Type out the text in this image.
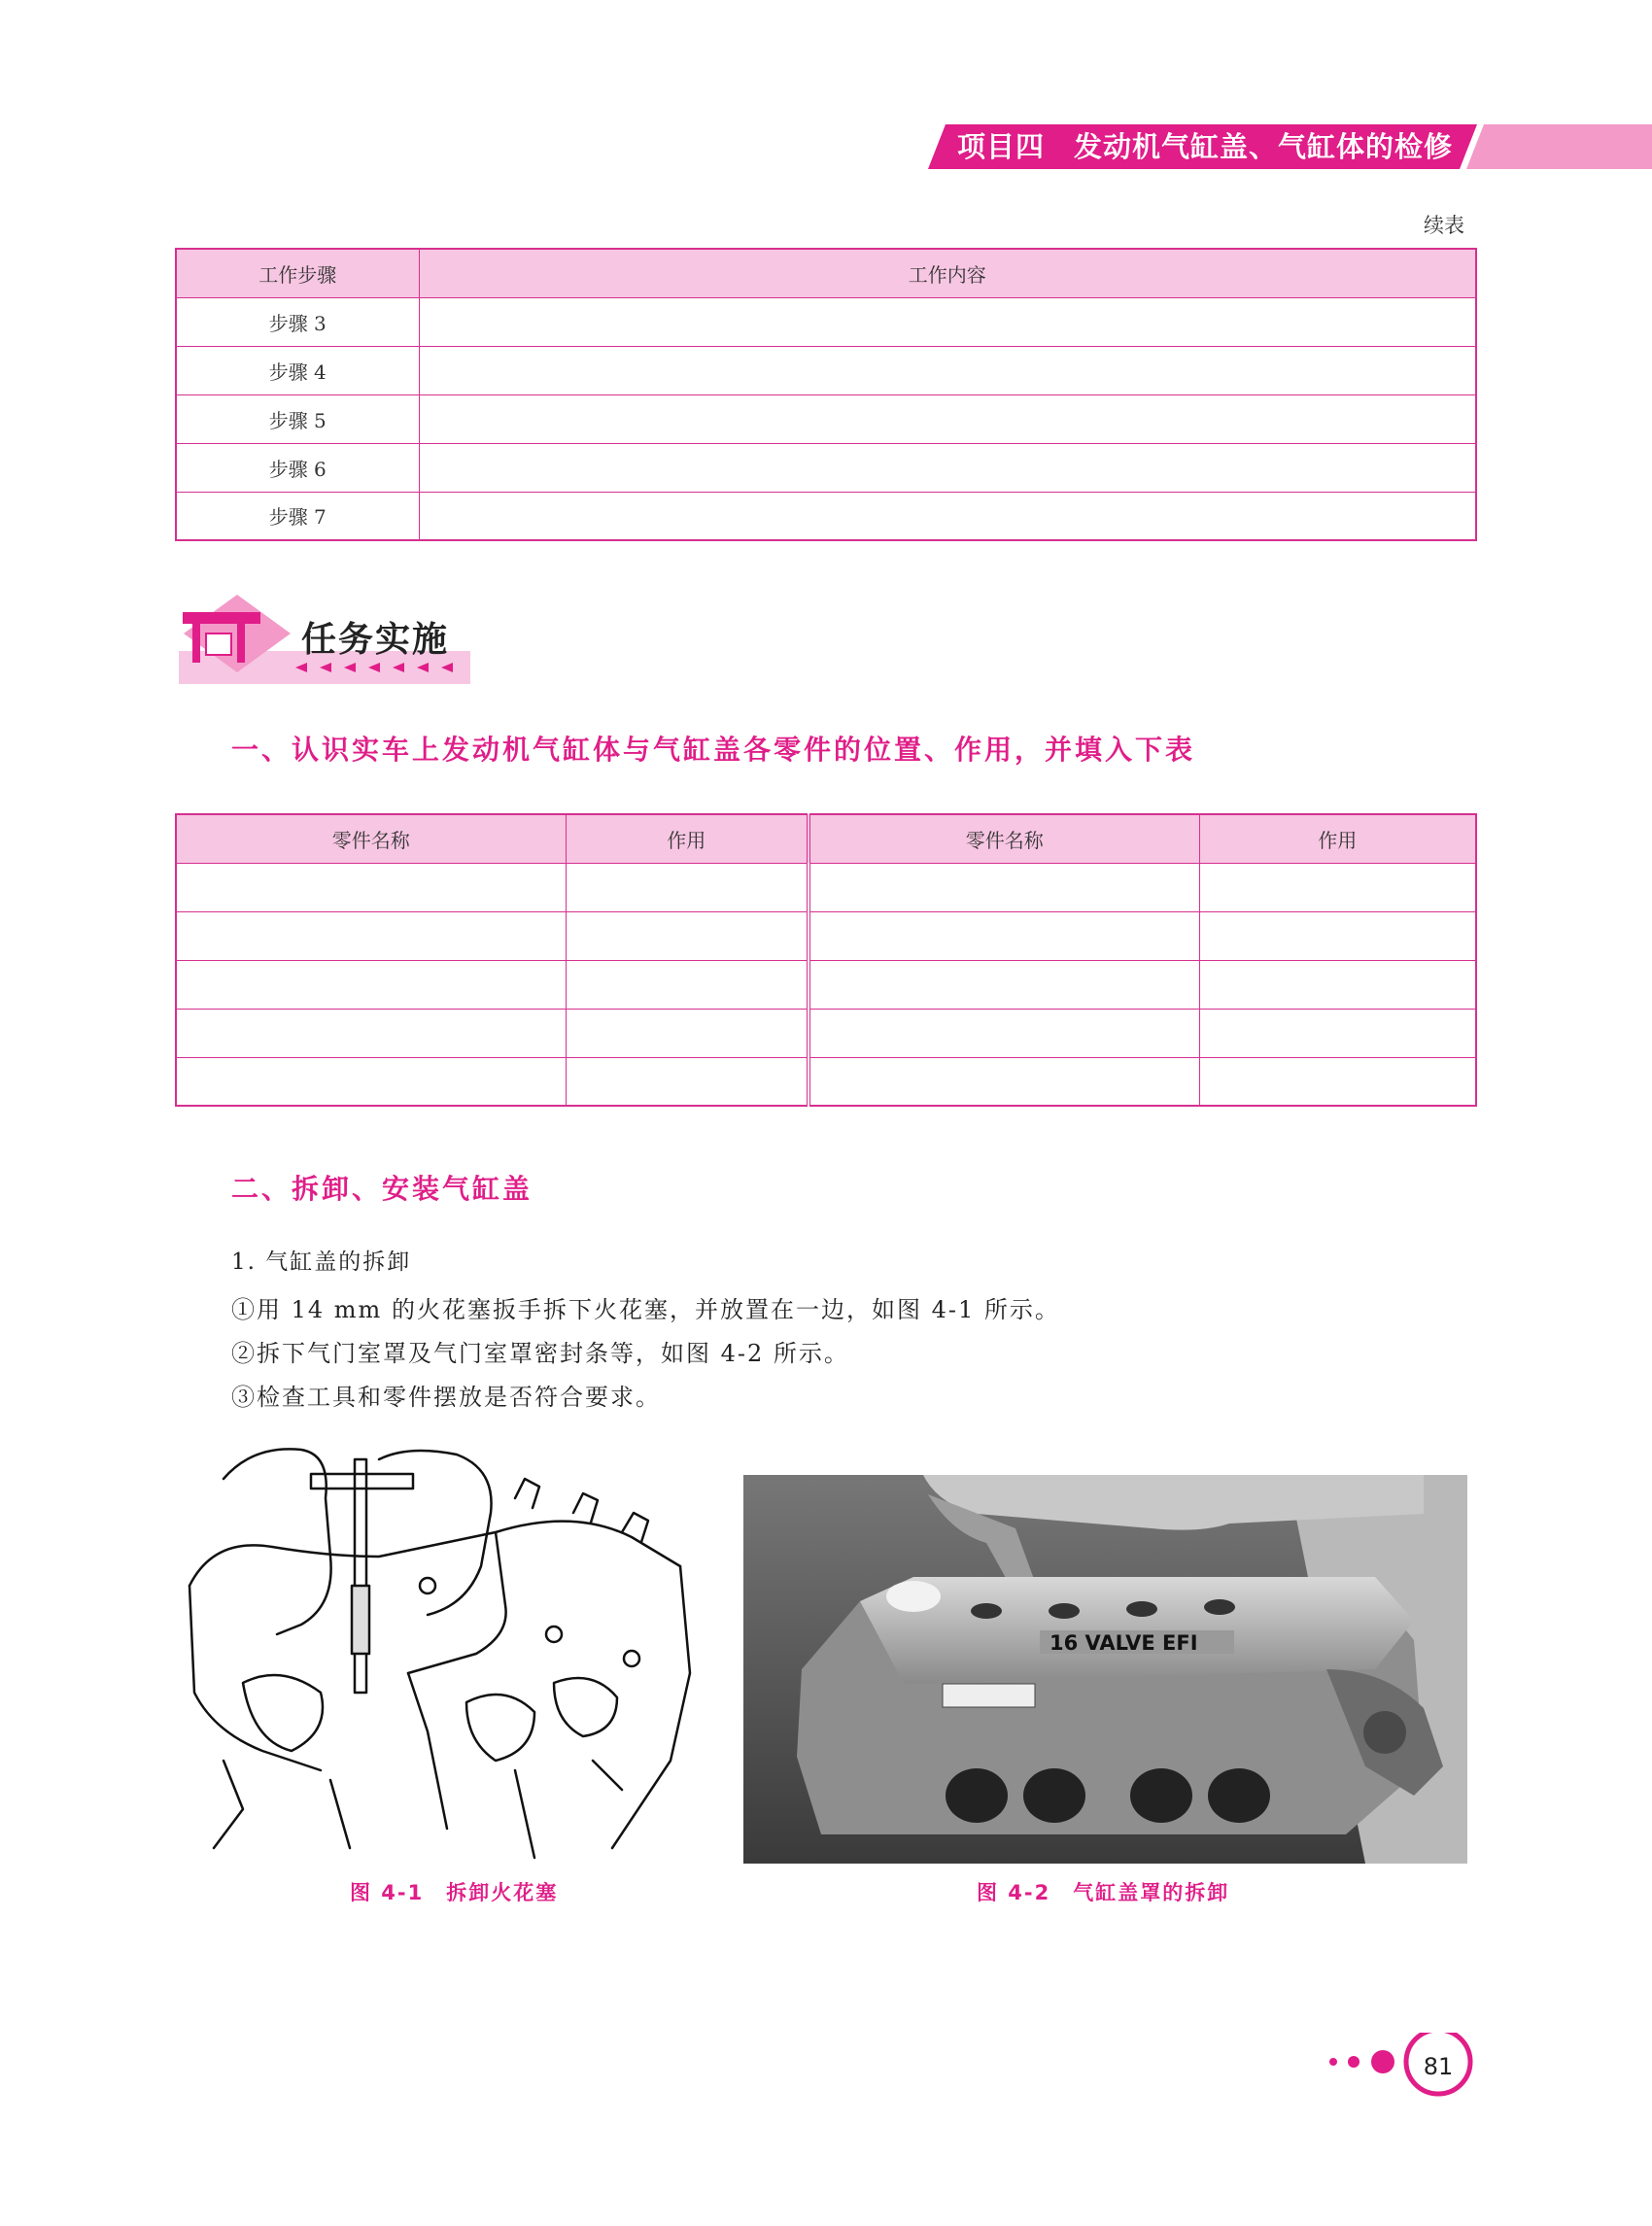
项目四　发动机气缸盖、气缸体的检修
续表
工作步骤	工作内容
步骤 3	
步骤 4	
步骤 5	
步骤 6	
步骤 7	
任务实施
一、认识实车上发动机气缸体与气缸盖各零件的位置、作用，并填入下表
零件名称	作用	零件名称	作用

二、拆卸、安装气缸盖
1. 气缸盖的拆卸
①用 14 mm 的火花塞扳手拆下火花塞，并放置在一边，如图 4-1 所示。
②拆下气门室罩及气门室罩密封条等，如图 4-2 所示。
③检查工具和零件摆放是否符合要求。
16 VALVE EFI
图 4-1　拆卸火花塞	图 4-2　气缸盖罩的拆卸
81
